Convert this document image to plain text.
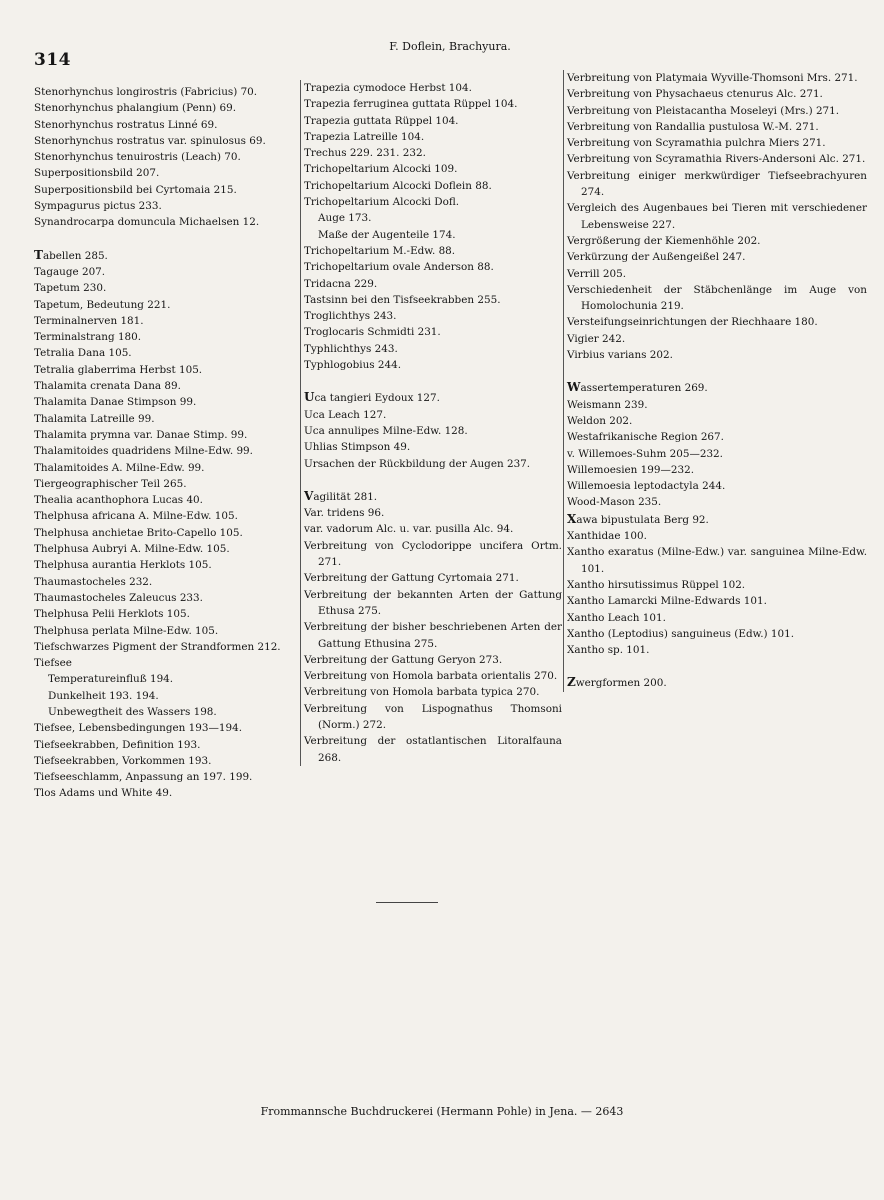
314
F. Doflein, Brachyura.
Stenorhynchus longirostris (Fabricius) 70.
Stenorhynchus phalangium (Penn) 69.
Stenorhynchus rostratus Linné 69.
Stenorhynchus rostratus var. spinulosus 69.
Stenorhynchus tenuirostris (Leach) 70.
Superpositionsbild 207.
Superpositionsbild bei Cyrtomaia 215.
Sympagurus pictus 233.
Synandrocarpa domuncula Michaelsen 12.
Tabellen 285.
Tagauge 207.
Tapetum 230.
Tapetum, Bedeutung 221.
Terminalnerven 181.
Terminalstrang 180.
Tetralia Dana 105.
Tetralia glaberrima Herbst 105.
Thalamita crenata Dana 89.
Thalamita Danae Stimpson 99.
Thalamita Latreille 99.
Thalamita prymna var. Danae Stimp. 99.
Thalamitoides quadridens Milne-Edw. 99.
Thalamitoides A. Milne-Edw. 99.
Tiergeographischer Teil 265.
Thealia acanthophora Lucas 40.
Thelphusa africana A. Milne-Edw. 105.
Thelphusa anchietae Brito-Capello 105.
Thelphusa Aubryi A. Milne-Edw. 105.
Thelphusa aurantia Herklots 105.
Thaumastocheles 232.
Thaumastocheles Zaleucus 233.
Thelphusa Pelii Herklots 105.
Thelphusa perlata Milne-Edw. 105.
Tiefschwarzes Pigment der Strandformen 212.
Tiefsee
Temperatureinfluß 194.
Dunkelheit 193. 194.
Unbewegtheit des Wassers 198.
Tiefsee, Lebensbedingungen 193—194.
Tiefseekrabben, Definition 193.
Tiefseekrabben, Vorkommen 193.
Tiefseeschlamm, Anpassung an 197. 199.
Tlos Adams und White 49.
Trapezia cymodoce Herbst 104.
Trapezia ferruginea guttata Rüppel 104.
Trapezia guttata Rüppel 104.
Trapezia Latreille 104.
Trechus 229. 231. 232.
Trichopeltarium Alcocki 109.
Trichopeltarium Alcocki Doflein 88.
Trichopeltarium Alcocki Dofl.
Auge 173.
Maße der Augenteile 174.
Trichopeltarium M.-Edw. 88.
Trichopeltarium ovale Anderson 88.
Tridacna 229.
Tastsinn bei den Tisfseekrabben 255.
Troglichthys 243.
Troglocaris Schmidti 231.
Typhlichthys 243.
Typhlogobius 244.
Uca tangieri Eydoux 127.
Uca Leach 127.
Uca annulipes Milne-Edw. 128.
Uhlias Stimpson 49.
Ursachen der Rückbildung der Augen 237.
Vagilität 281.
Var. tridens 96.
var. vadorum Alc. u. var. pusilla Alc. 94.
Verbreitung von Cyclodorippe uncifera Ortm. 271.
Verbreitung der Gattung Cyrtomaia 271.
Verbreitung der bekannten Arten der Gattung Ethusa 275.
Verbreitung der bisher beschriebenen Arten der Gattung Ethusina 275.
Verbreitung der Gattung Geryon 273.
Verbreitung von Homola barbata orientalis 270.
Verbreitung von Homola barbata typica 270.
Verbreitung von Lispognathus Thomsoni (Norm.) 272.
Verbreitung der ostatlantischen Litoralfauna 268.
Verbreitung von Platymaia Wyville-Thomsoni Mrs. 271.
Verbreitung von Physachaeus ctenurus Alc. 271.
Verbreitung von Pleistacantha Moseleyi (Mrs.) 271.
Verbreitung von Randallia pustulosa W.-M. 271.
Verbreitung von Scyramathia pulchra Miers 271.
Verbreitung von Scyramathia Rivers-Andersoni Alc. 271.
Verbreitung einiger merkwürdiger Tiefseebrachyuren 274.
Vergleich des Augenbaues bei Tieren mit verschiedener Lebensweise 227.
Vergrößerung der Kiemenhöhle 202.
Verkürzung der Außengeißel 247.
Verrill 205.
Verschiedenheit der Stäbchenlänge im Auge von Homolochunia 219.
Versteifungseinrichtungen der Riechhaare 180.
Vigier 242.
Virbius varians 202.
Wassertemperaturen 269.
Weismann 239.
Weldon 202.
Westafrikanische Region 267.
v. Willemoes-Suhm 205—232.
Willemoesien 199—232.
Willemoesia leptodactyla 244.
Wood-Mason 235.
Xawa bipustulata Berg 92.
Xanthidae 100.
Xantho exaratus (Milne-Edw.) var. sanguinea Milne-Edw. 101.
Xantho hirsutissimus Rüppel 102.
Xantho Lamarcki Milne-Edwards 101.
Xantho Leach 101.
Xantho (Leptodius) sanguineus (Edw.) 101.
Xantho sp. 101.
Zwergformen 200.
Frommannsche Buchdruckerei (Hermann Pohle) in Jena. — 2643
